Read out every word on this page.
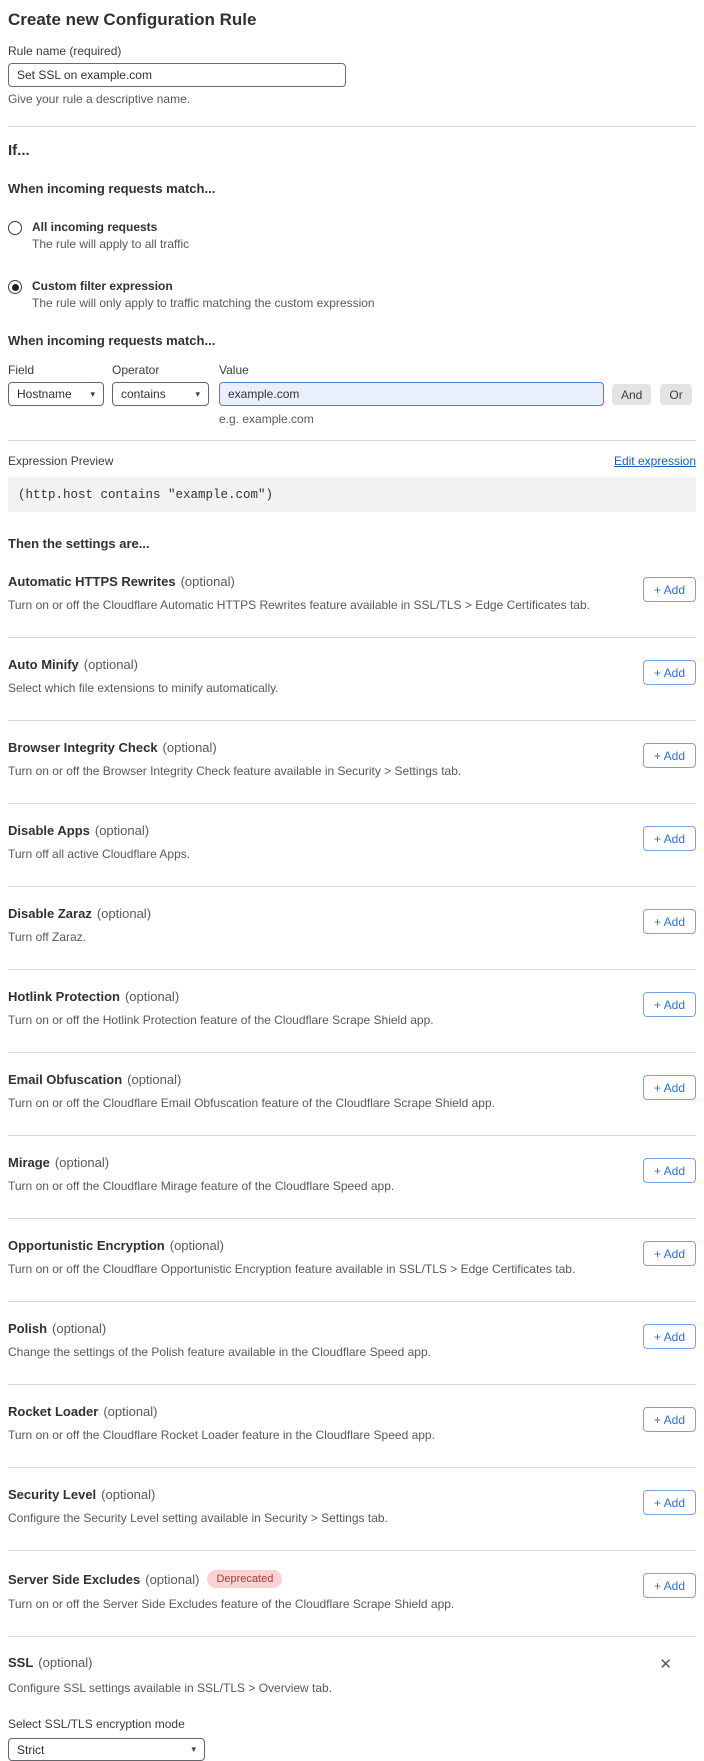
Create new Configuration Rule
Rule name (required)
Set SSL on example.com
Give your rule a descriptive name.
If...
When incoming requests match...
All incoming requests
The rule will apply to all traffic
Custom filter expression
The rule will only apply to traffic matching the custom expression
When incoming requests match...
Field
Hostname ▾
Operator
contains	▾
Value
example.com
e.g. example.com
And	Or
Expression Preview	Edit expression
(http.host contains "example.com")
Then the settings are...
Automatic HTTPS Rewrites (optional)
Turn on or off the Cloudflare Automatic HTTPS Rewrites feature available in SSL/TLS > Edge Certificates tab.
+ Add
Auto Minify (optional)
Select which file extensions to minify automatically.
+ Add
Browser Integrity Check (optional)
Turn on or off the Browser Integrity Check feature available in Security > Settings tab.
+ Add
Disable Apps (optional)
Turn off all active Cloudflare Apps.
+ Add
Disable Zaraz (optional)
Turn off Zaraz.
+ Add
Hotlink Protection (optional)
Turn on or off the Hotlink Protection feature of the Cloudflare Scrape Shield app.
+ Add
Email Obfuscation (optional)
Turn on or off the Cloudflare Email Obfuscation feature of the Cloudflare Scrape Shield app.
+ Add
Mirage (optional)
Turn on or off the Cloudflare Mirage feature of the Cloudflare Speed app.
+ Add
Opportunistic Encryption (optional)
Turn on or off the Cloudflare Opportunistic Encryption feature available in SSL/TLS > Edge Certificates tab.
+ Add
Polish (optional)
Change the settings of the Polish feature available in the Cloudflare Speed app.
+ Add
Rocket Loader (optional)
Turn on or off the Cloudflare Rocket Loader feature in the Cloudflare Speed app.
+ Add
Security Level (optional)
Configure the Security Level setting available in Security > Settings tab.
+ Add
Server Side Excludes (optional)	Deprecated
Turn on or off the Server Side Excludes feature of the Cloudflare Scrape Shield app.
+ Add
SSL (optional)	✕
Configure SSL settings available in SSL/TLS > Overview tab.
Select SSL/TLS encryption mode
Strict	▾
